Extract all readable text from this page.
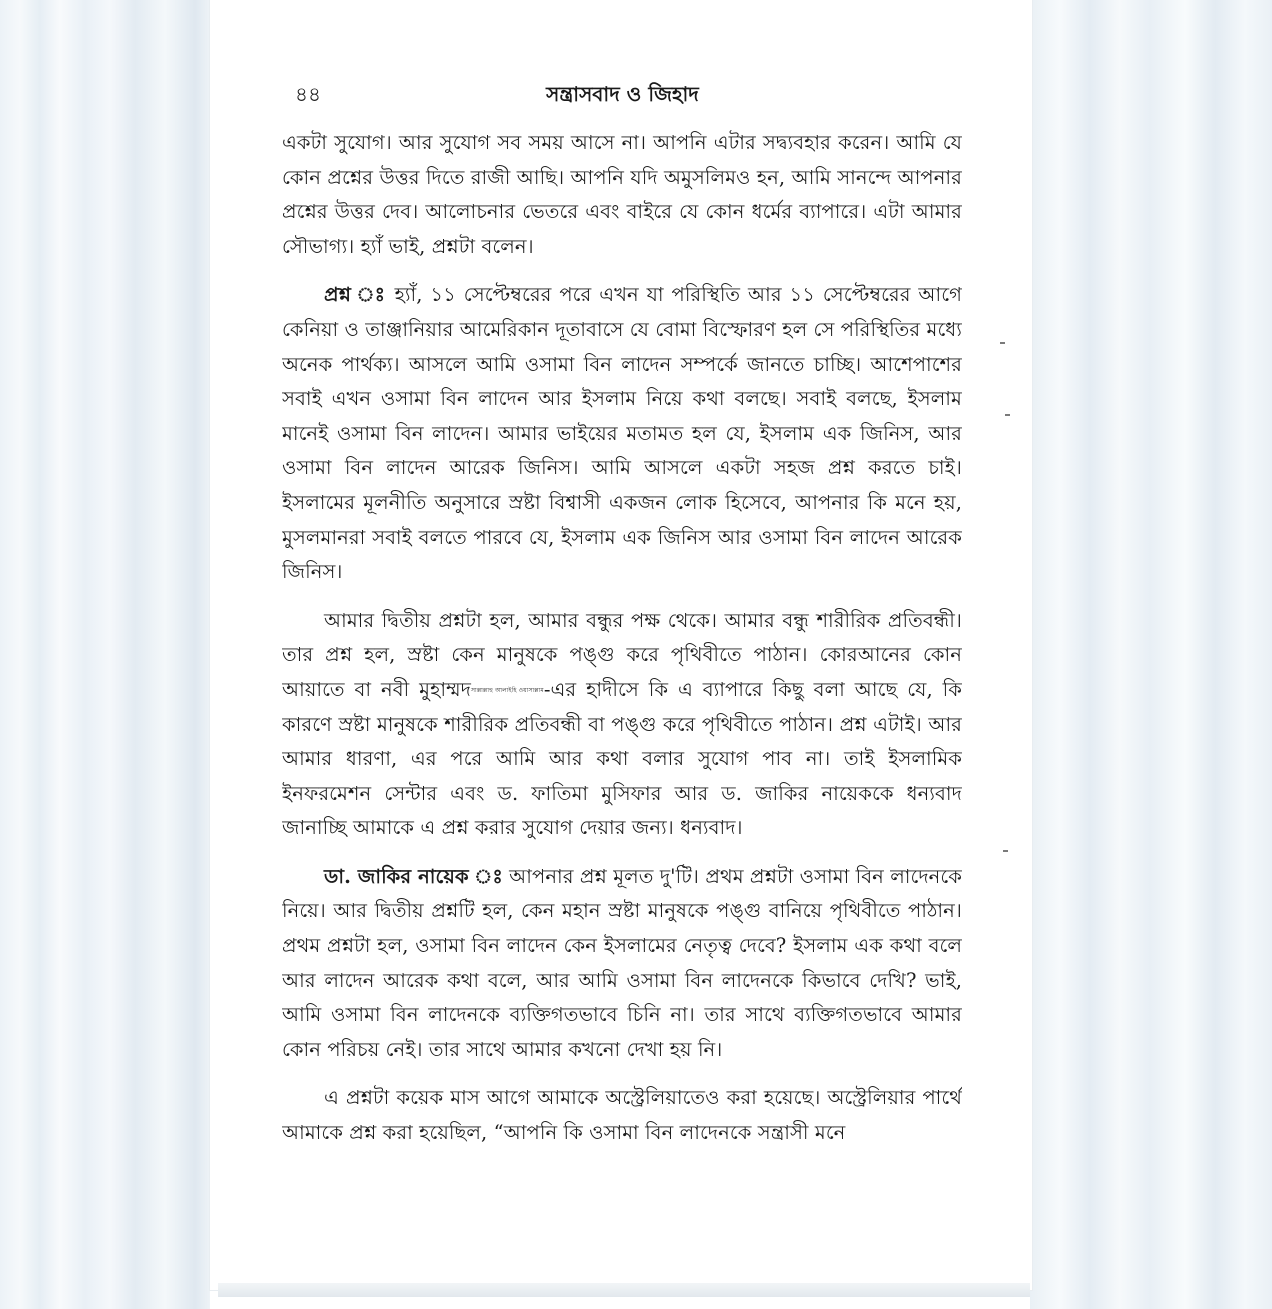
৪৪	সন্ত্রাসবাদ ও জিহাদ

একটা সুযোগ। আর সুযোগ সব সময় আসে না। আপনি এটার সদ্ব্যবহার করেন। আমি যে কোন প্রশ্নের উত্তর দিতে রাজী আছি। আপনি যদি অমুসলিমও হন, আমি সানন্দে আপনার প্রশ্নের উত্তর দেব। আলোচনার ভেতরে এবং বাইরে যে কোন ধর্মের ব্যাপারে। এটা আমার সৌভাগ্য। হ্যাঁ ভাই, প্রশ্নটা বলেন।

প্রশ্ন ঃ হ্যাঁ, ১১ সেপ্টেম্বরের পরে এখন যা পরিস্থিতি আর ১১ সেপ্টেম্বরের আগে কেনিয়া ও তাঞ্জানিয়ার আমেরিকান দূতাবাসে যে বোমা বিস্ফোরণ হল সে পরিস্থিতির মধ্যে অনেক পার্থক্য। আসলে আমি ওসামা বিন লাদেন সম্পর্কে জানতে চাচ্ছি। আশেপাশের সবাই এখন ওসামা বিন লাদেন আর ইসলাম নিয়ে কথা বলছে। সবাই বলছে, ইসলাম মানেই ওসামা বিন লাদেন। আমার ভাইয়ের মতামত হল যে, ইসলাম এক জিনিস, আর ওসামা বিন লাদেন আরেক জিনিস। আমি আসলে একটা সহজ প্রশ্ন করতে চাই। ইসলামের মূলনীতি অনুসারে স্রষ্টা বিশ্বাসী একজন লোক হিসেবে, আপনার কি মনে হয়, মুসলমানরা সবাই বলতে পারবে যে, ইসলাম এক জিনিস আর ওসামা বিন লাদেন আরেক জিনিস।

আমার দ্বিতীয় প্রশ্নটা হল, আমার বন্ধুর পক্ষ থেকে। আমার বন্ধু শারীরিক প্রতিবন্ধী। তার প্রশ্ন হল, স্রষ্টা কেন মানুষকে পঙ্গু করে পৃথিবীতে পাঠান। কোরআনের কোন আয়াতে বা নবী মুহাম্মদসাল্লাল্লাহু আলাইহি ওয়াসাল্লাম-এর হাদীসে কি এ ব্যাপারে কিছু বলা আছে যে, কি কারণে স্রষ্টা মানুষকে শারীরিক প্রতিবন্ধী বা পঙ্গু করে পৃথিবীতে পাঠান। প্রশ্ন এটাই। আর আমার ধারণা, এর পরে আমি আর কথা বলার সুযোগ পাব না। তাই ইসলামিক ইনফরমেশন সেন্টার এবং ড. ফাতিমা মুসিফার আর ড. জাকির নায়েককে ধন্যবাদ জানাচ্ছি আমাকে এ প্রশ্ন করার সুযোগ দেয়ার জন্য। ধন্যবাদ।

ডা. জাকির নায়েক ঃ আপনার প্রশ্ন মূলত দু'টি। প্রথম প্রশ্নটা ওসামা বিন লাদেনকে নিয়ে। আর দ্বিতীয় প্রশ্নটি হল, কেন মহান স্রষ্টা মানুষকে পঙ্গু বানিয়ে পৃথিবীতে পাঠান। প্রথম প্রশ্নটা হল, ওসামা বিন লাদেন কেন ইসলামের নেতৃত্ব দেবে? ইসলাম এক কথা বলে আর লাদেন আরেক কথা বলে, আর আমি ওসামা বিন লাদেনকে কিভাবে দেখি? ভাই, আমি ওসামা বিন লাদেনকে ব্যক্তিগতভাবে চিনি না। তার সাথে ব্যক্তিগতভাবে আমার কোন পরিচয় নেই। তার সাথে আমার কখনো দেখা হয় নি।

এ প্রশ্নটা কয়েক মাস আগে আমাকে অস্ট্রেলিয়াতেও করা হয়েছে। অস্ট্রেলিয়ার পার্থে আমাকে প্রশ্ন করা হয়েছিল, “আপনি কি ওসামা বিন লাদেনকে সন্ত্রাসী মনে
